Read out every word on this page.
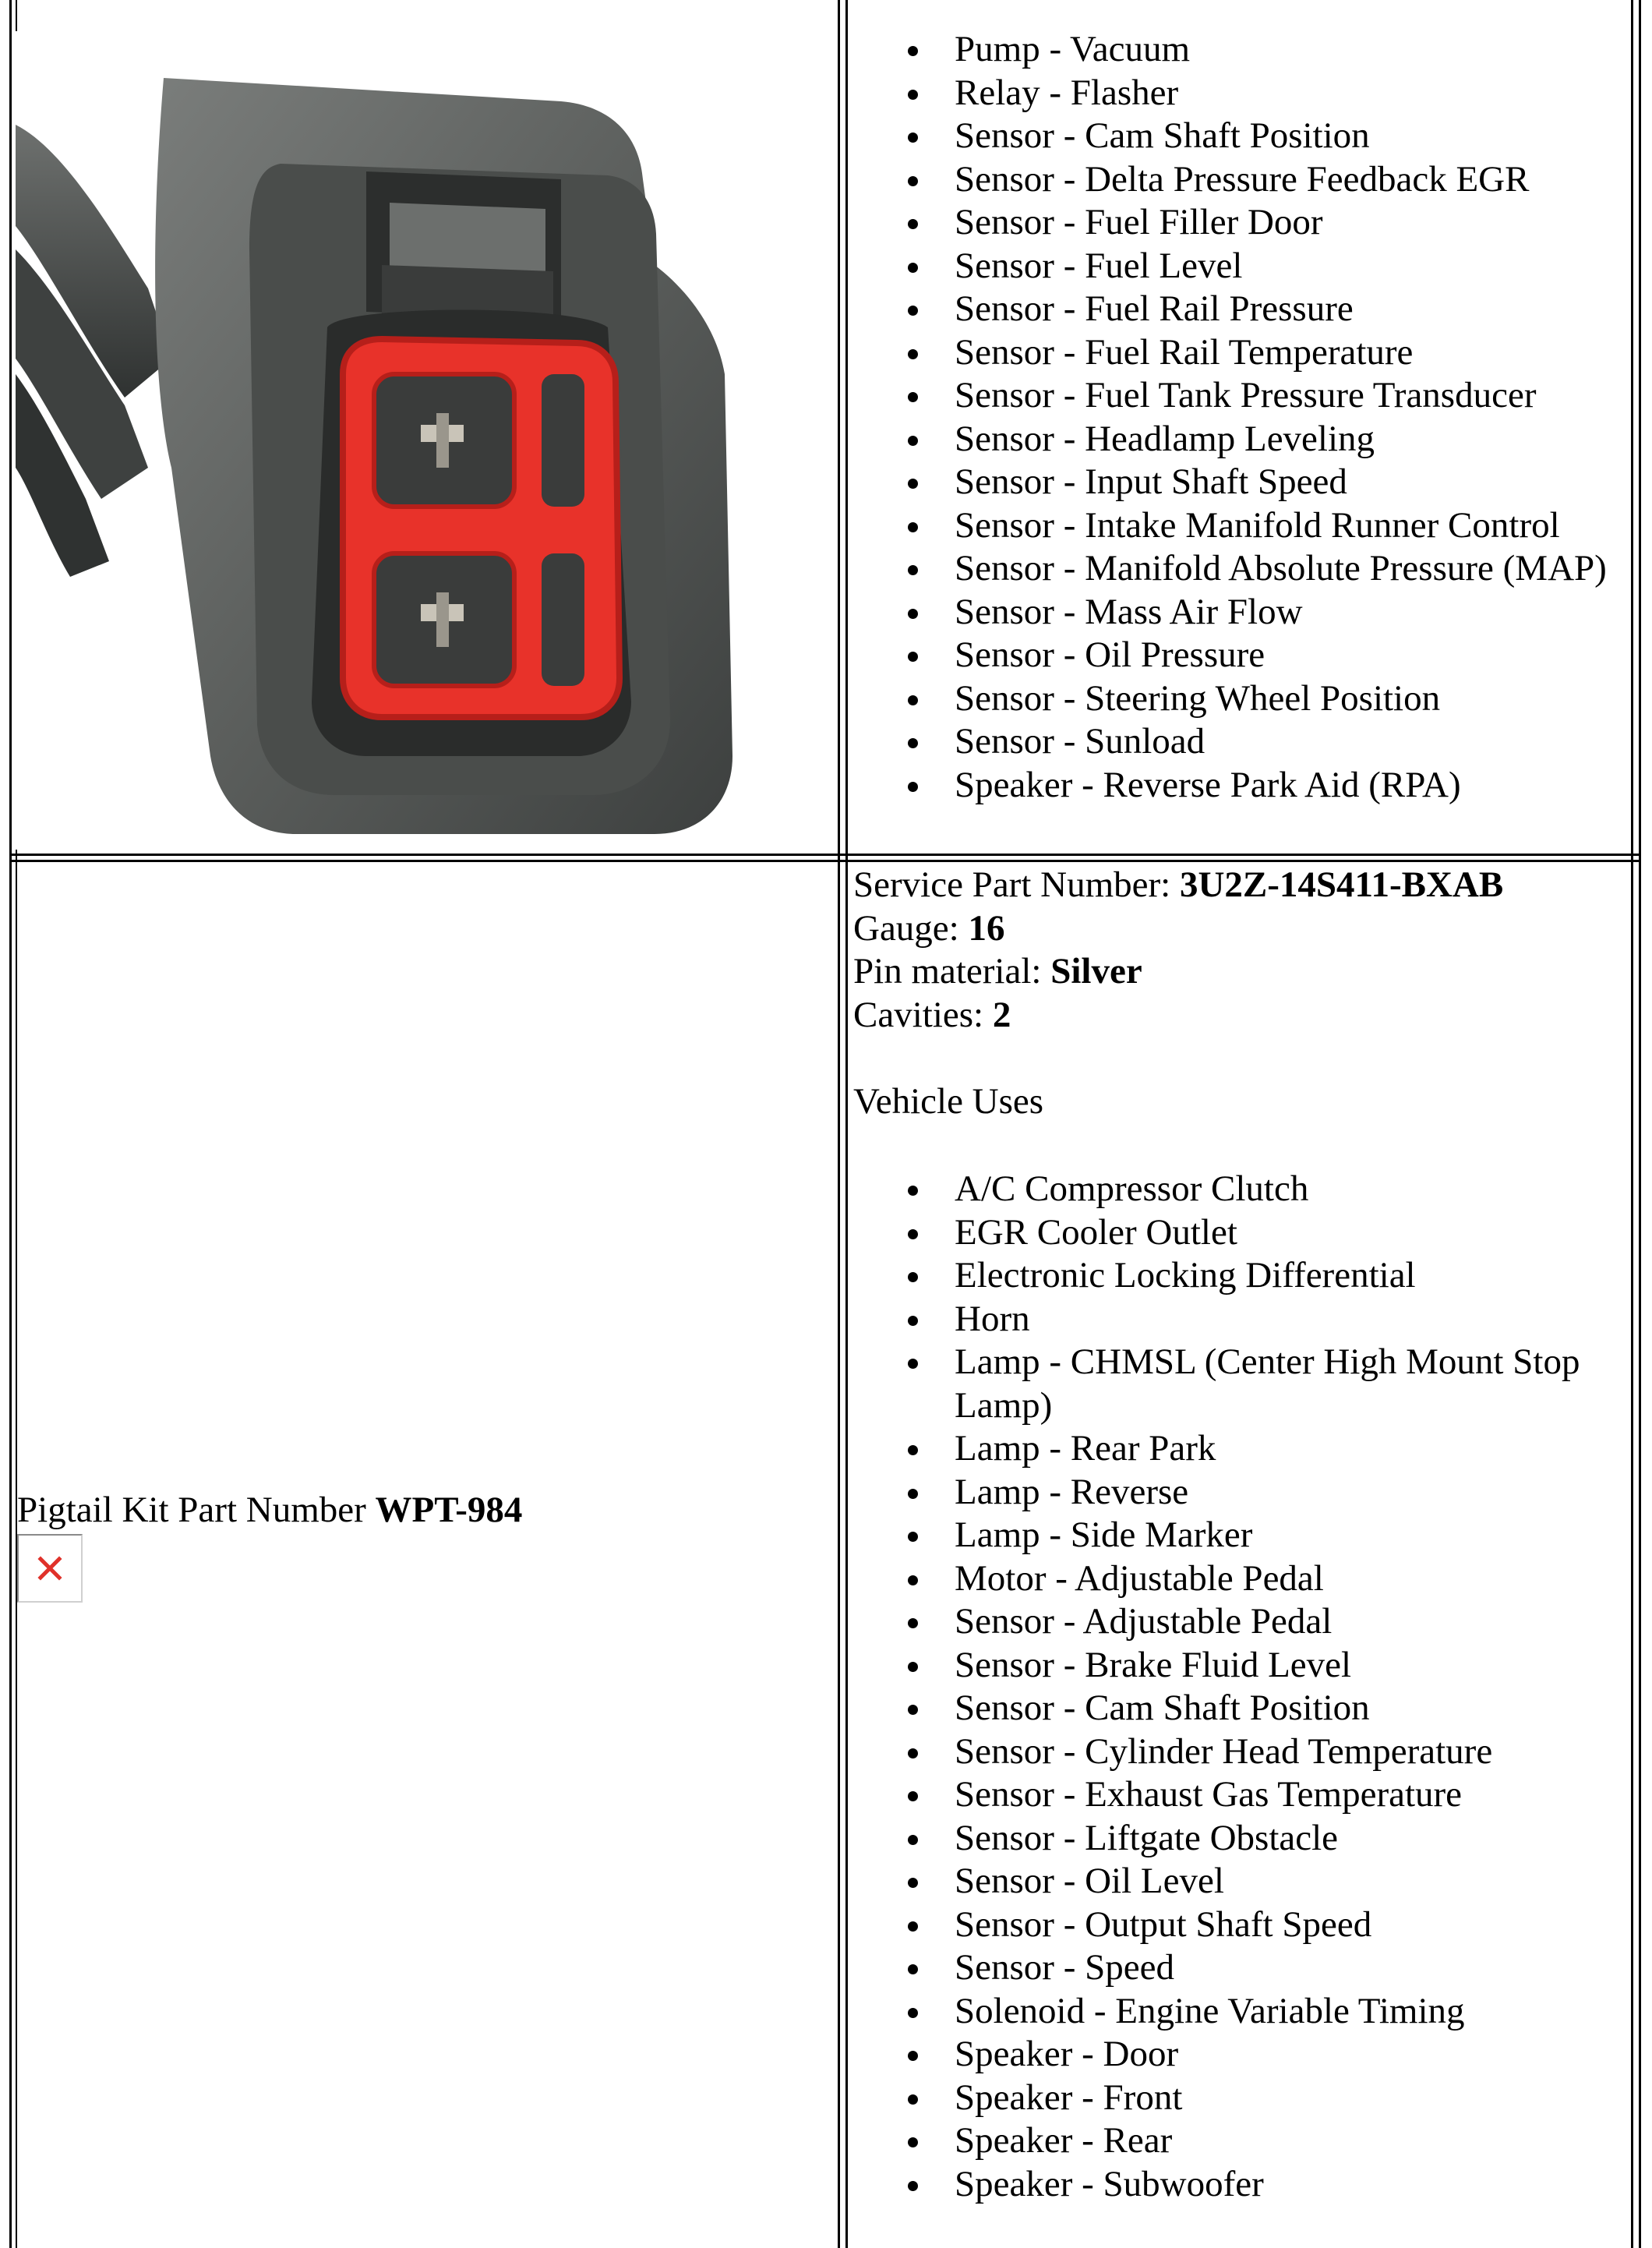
Pump - Vacuum
Relay - Flasher
Sensor - Cam Shaft Position
Sensor - Delta Pressure Feedback EGR
Sensor - Fuel Filler Door
Sensor - Fuel Level
Sensor - Fuel Rail Pressure
Sensor - Fuel Rail Temperature
Sensor - Fuel Tank Pressure Transducer
Sensor - Headlamp Leveling
Sensor - Input Shaft Speed
Sensor - Intake Manifold Runner Control
Sensor - Manifold Absolute Pressure (MAP)
Sensor - Mass Air Flow
Sensor - Oil Pressure
Sensor - Steering Wheel Position
Sensor - Sunload
Speaker - Reverse Park Aid (RPA)
Pigtail Kit Part Number WPT-984
Service Part Number: 3U2Z-14S411-BXAB
Gauge: 16
Pin material: Silver
Cavities: 2
Vehicle Uses
A/C Compressor Clutch
EGR Cooler Outlet
Electronic Locking Differential
Horn
Lamp - CHMSL (Center High Mount Stop Lamp)
Lamp - Rear Park
Lamp - Reverse
Lamp - Side Marker
Motor - Adjustable Pedal
Sensor - Adjustable Pedal
Sensor - Brake Fluid Level
Sensor - Cam Shaft Position
Sensor - Cylinder Head Temperature
Sensor - Exhaust Gas Temperature
Sensor - Liftgate Obstacle
Sensor - Oil Level
Sensor - Output Shaft Speed
Sensor - Speed
Solenoid - Engine Variable Timing
Speaker - Door
Speaker - Front
Speaker - Rear
Speaker - Subwoofer
